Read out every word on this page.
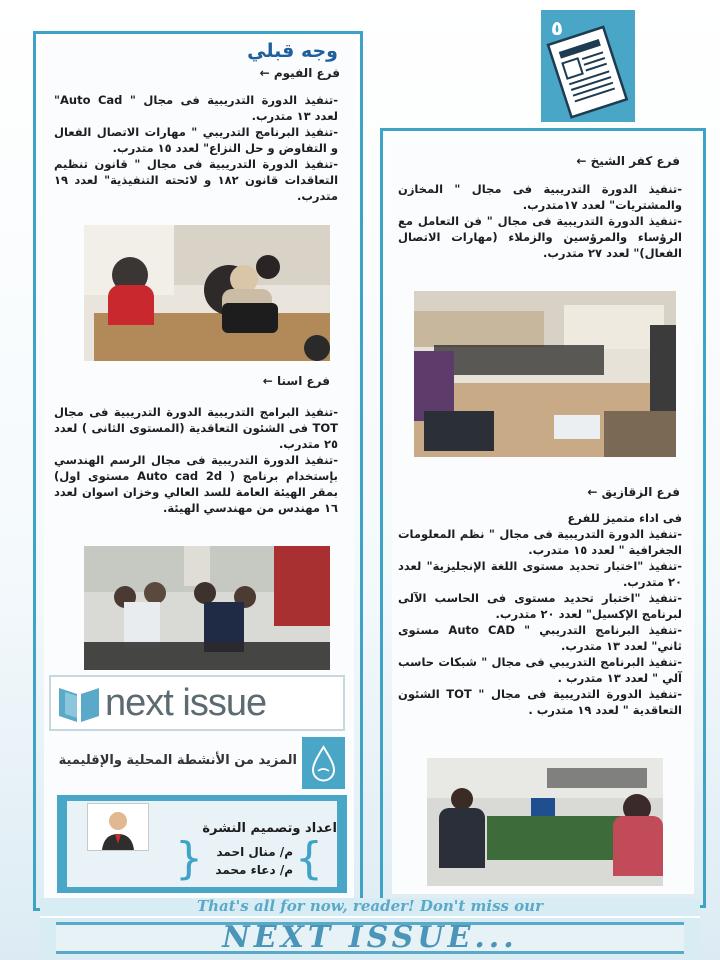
٥
وجه قبلي
فرع الفيوم ←

-تنفيذ الدورة التدريبية فى مجال " Auto Cad" لعدد ١٣ متدرب.

-تنفيذ البرنامج التدريبي " مهارات الاتصال الفعال و التفاوض و حل النزاع" لعدد ١٥ متدرب.

-تنفيذ الدورة التدريبية فى مجال " قانون تنظيم التعاقدات قانون ١٨٢ و لائحته التنفيذية" لعدد ١٩ متدرب.

فرع اسنا ←

-تنفيذ البرامج التدريبية الدورة التدريبية فى مجال TOT فى الشئون التعاقدية (المستوى الثانى ) لعدد ٢٥ متدرب.

-تنفيذ الدورة التدريبية فى مجال الرسم الهندسي بإستخدام برنامج ( Auto cad 2d مستوى اول) بمقر الهيئة العامة للسد العالي وخزان اسوان لعدد ١٦ مهندس من مهندسي الهيئة.

next issue
المزيد من الأنشطة المحلية والإقليمية
اعداد وتصميم النشرة
{
}	م/ منال احمد
م/ دعاء محمد
فرع كفر الشيخ ←

-تنفيذ الدورة التدريبية فى مجال " المخازن والمشتريات" لعدد ١٧متدرب.

-تنفيذ الدورة التدريبية فى مجال " فن التعامل مع الرؤساء والمرؤسين والزملاء (مهارات الاتصال الفعال)" لعدد ٢٧ متدرب.

فرع الزقازيق ←

فى اداء متميز للفرع

-تنفيذ الدورة التدريبية فى مجال " نظم المعلومات الجغرافية " لعدد ١٥ متدرب.

-تنفيذ "اختبار تحديد مستوى اللغة الإنجليزية" لعدد ٢٠ متدرب.

-تنفيذ "اختبار تحديد مستوى فى الحاسب الآلى لبرنامج الإكسيل" لعدد ٢٠ متدرب.

-تنفيذ البرنامج التدريبي " Auto CAD مستوى ثاني" لعدد ١٣ متدرب.

-تنفيذ البرنامج التدريبي فى مجال " شبكات حاسب آلي " لعدد ١٣ متدرب .

-تنفيذ الدورة التدريبية فى مجال " TOT الشئون التعاقدية " لعدد ١٩ متدرب .

That's all for now, reader! Don't miss our
NEXT ISSUE...
